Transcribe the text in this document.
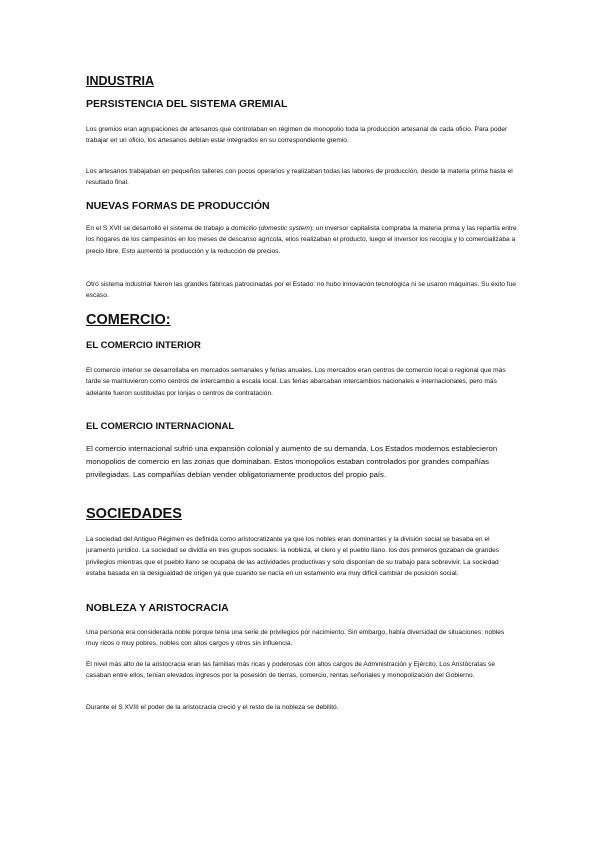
INDUSTRIA
PERSISTENCIA DEL SISTEMA GREMIAL

Los gremios eran agrupaciones de artesanos que controlaban en régimen de monopolio toda la producción artesanal de cada oficio. Para poder trabajar en un oficio, los artesanos debían estar integrados en su correspondiente gremio.

Los artesanos trabajaban en pequeños talleres con pocos operarios y realizaban todas las labores de producción, desde la materia prima hasta el resultado final.

NUEVAS FORMAS DE PRODUCCIÓN

En el S XVII se desarrolló el sistema de trabajo a domicilio (domestic system): un inversor capitalista compraba la materia prima y las repartía entre los hogares de los campesinos en los meses de descanso agrícola, ellos realizaban el producto, luego el inversor los recogía y lo comercializaba a precio libre. Esto aumentó la producción y la reducción de precios.

Otro sistema industrial fueron las grandes fábricas patrocinadas por el Estado: no hubo innovación tecnológica ni se usaron máquinas. Su éxito fue escaso.

COMERCIO:
EL COMERCIO INTERIOR

El comercio interior se desarrollaba en mercados semanales y ferias anuales. Los mercados eran centros de comercio local o regional que más tarde se mantuvieron como centros de intercambio a escala local. Las ferias abarcaban intercambios nacionales e internacionales, pero más adelante fueron sustituidas por lonjas o centros de contratación.

EL COMERCIO INTERNACIONAL

El comercio internacional sufrió una expansión colonial y aumento de su demanda. Los Estados modernos establecieron monopolios de comercio en las zonas que dominaban. Estos monopolios estaban controlados por grandes compañías privilegiadas. Las compañías debían vender obligatoriamente productos del propio país.

SOCIEDADES

La sociedad del Antiguo Régimen es definida como aristocratizante ya que los nobles eran dominantes y la división social se basaba en el juramento jurídico. La sociedad se dividía en tres grupos sociales: la nobleza, el clero y el pueblo llano. los dos primeros gozaban de grandes privilegios mientras que el pueblo llano se ocupaba de las actividades productivas y solo disponían de su trabajo para sobrevivir. La sociedad estaba basada en la desigualdad de origen ya que cuando se nacía en un estamento era muy difícil cambiar de posición social.

NOBLEZA Y ARISTOCRACIA

Una persona era considerada noble porque tenía una serie de privilegios por nacimiento. Sin embargo, había diversidad de situaciones: nobles muy ricos o muy pobres, nobles con altos cargos y otros sin influencia.

El nivel más alto de la aristocracia eran las familias más ricas y poderosas con altos cargos de Administración y Ejército. Los Aristócratas se casaban entre ellos, tenían elevados ingresos por la posesión de tierras, comercio, rentas señoriales y monopolización del Gobierno.

Durante el S XVIII el poder de la aristocracia creció y el resto de la nobleza se debilitó.
